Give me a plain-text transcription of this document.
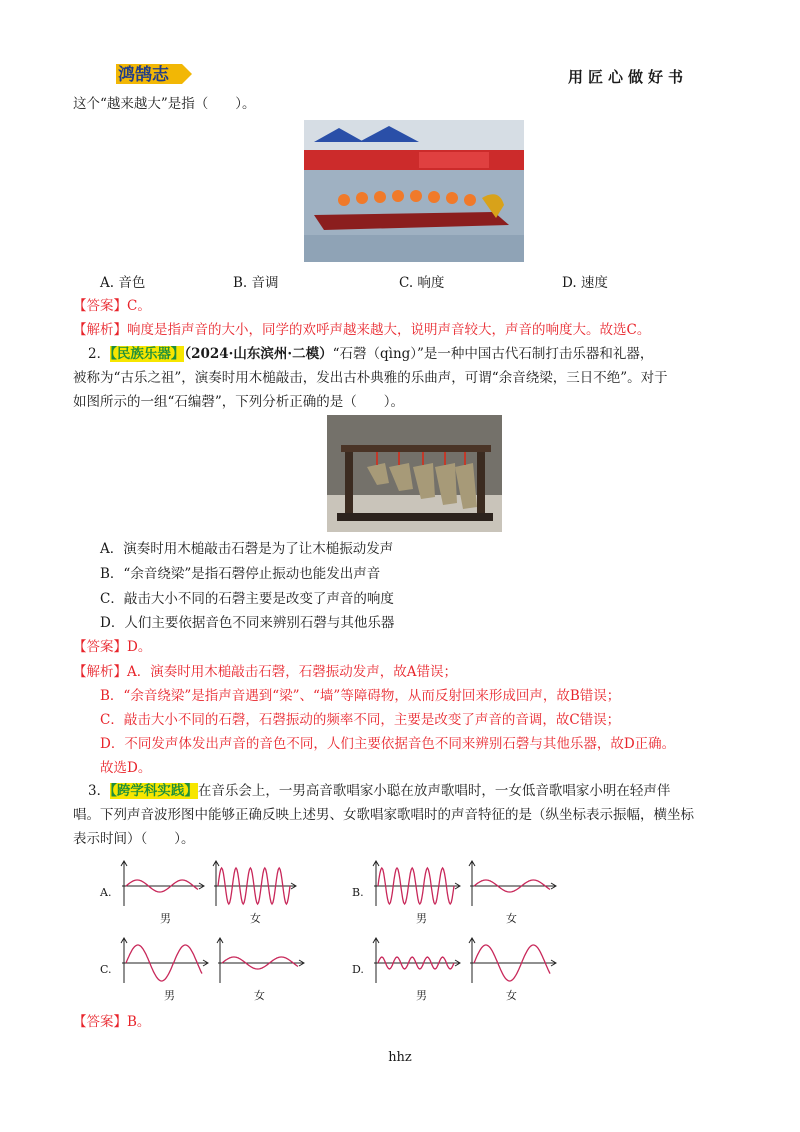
鸿鹄志	用匠心做好书
这个“越来越大”是指（　　）。
A. 音色	B. 音调	C. 响度	D. 速度
【答案】C。
【解析】响度是指声音的大小，同学的欢呼声越来越大，说明声音较大，声音的响度大。故选C。
2．【民族乐器】（2024·山东滨州·二模）“石磬（qìng）”是一种中国古代石制打击乐器和礼器，
被称为“古乐之祖”，演奏时用木槌敲击，发出古朴典雅的乐曲声，可谓“余音绕梁，三日不绝”。对于
如图所示的一组“石编磬”，下列分析正确的是（　　）。
A．演奏时用木槌敲击石磬是为了让木槌振动发声
B．“余音绕梁”是指石磬停止振动也能发出声音
C．敲击大小不同的石磬主要是改变了声音的响度
D．人们主要依据音色不同来辨别石磬与其他乐器
【答案】D。
【解析】A．演奏时用木槌敲击石磬，石磬振动发声，故A错误；
B．“余音绕梁”是指声音遇到“梁”、“墙”等障碍物，从而反射回来形成回声，故B错误；
C．敲击大小不同的石磬，石磬振动的频率不同，主要是改变了声音的音调，故C错误；
D．不同发声体发出声音的音色不同，人们主要依据音色不同来辨别石磬与其他乐器，故D正确。
故选D。
3．【跨学科实践】在音乐会上，一男高音歌唱家小聪在放声歌唱时，一女低音歌唱家小明在轻声伴
唱。下列声音波形图中能够正确反映上述男、女歌唱家歌唱时的声音特征的是（纵坐标表示振幅，横坐标
表示时间）（　　）。
A.
男	女
B.
男	女
C.
男	女
D.
男	女
【答案】B。
hhz
